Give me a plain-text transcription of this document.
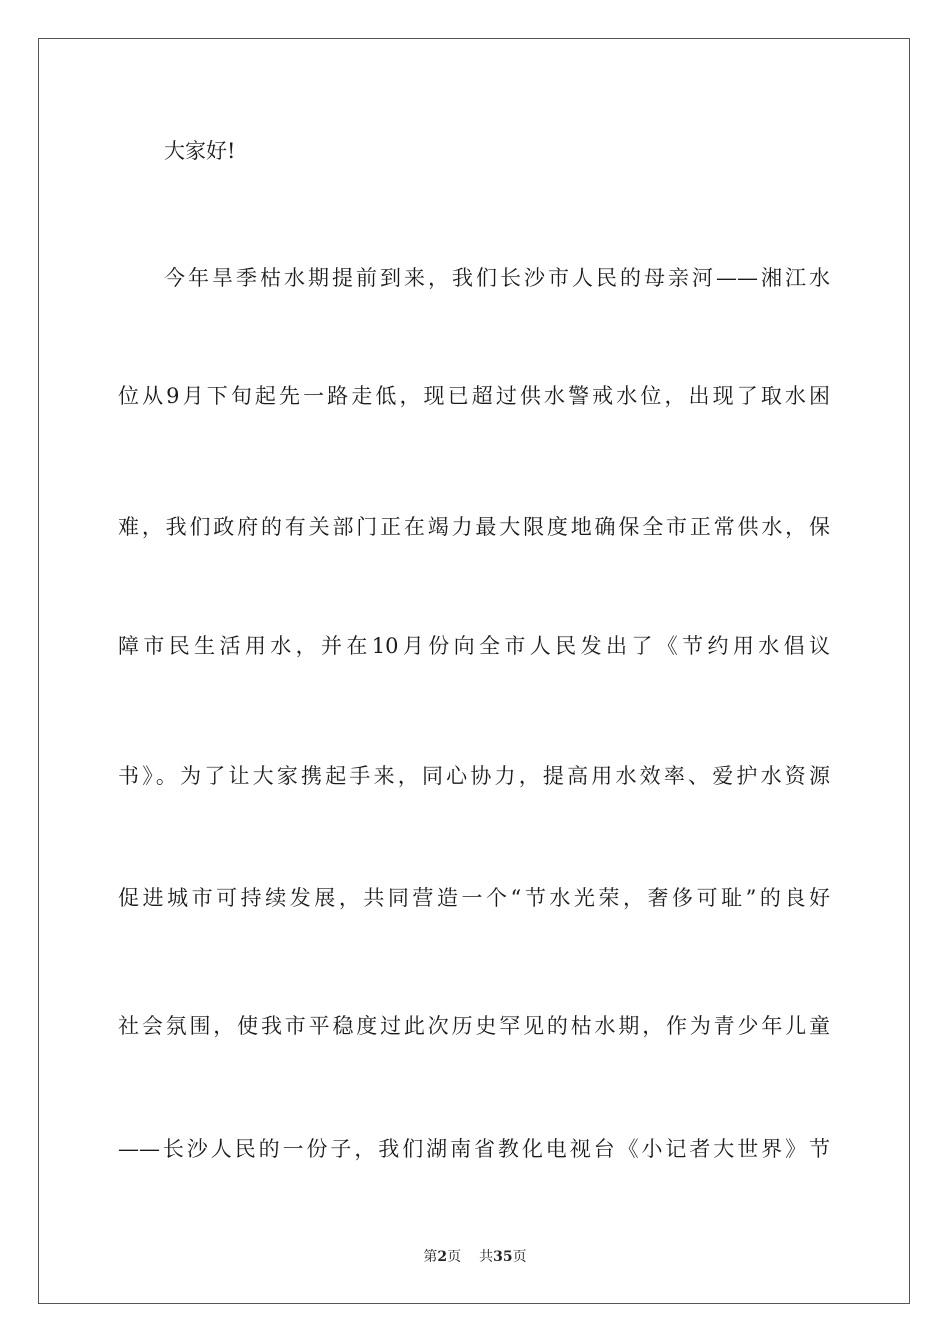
大家好!
今年旱季枯水期提前到来，我们长沙市人民的母亲河——湘江水
位从9月下旬起先一路走低，现已超过供水警戒水位，出现了取水困
难，我们政府的有关部门正在竭力最大限度地确保全市正常供水，保
障市民生活用水，并在10月份向全市人民发出了《节约用水倡议
书》。为了让大家携起手来，同心协力，提高用水效率、爱护水资源
促进城市可持续发展，共同营造一个“节水光荣，奢侈可耻”的良好
社会氛围，使我市平稳度过此次历史罕见的枯水期，作为青少年儿童
——长沙人民的一份子，我们湖南省教化电视台《小记者大世界》节
第2页 共35页
